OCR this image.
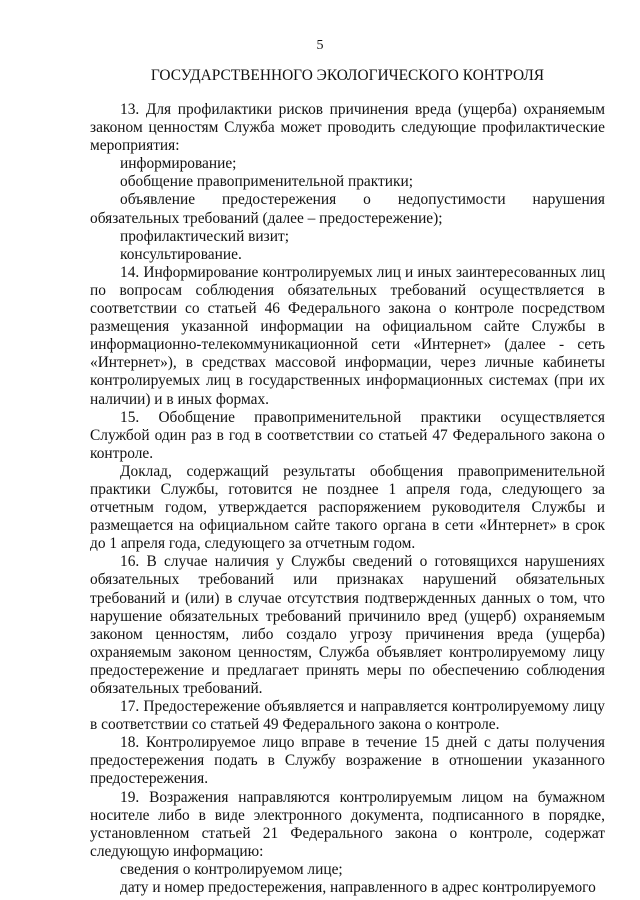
5
ГОСУДАРСТВЕННОГО ЭКОЛОГИЧЕСКОГО КОНТРОЛЯ

13. Для профилактики рисков причинения вреда (ущерба) охраняемым законом ценностям Служба может проводить следующие профилактические мероприятия:

информирование;

обобщение правоприменительной практики;

объявление предостережения о недопустимости нарушения обязательных требований (далее – предостережение);

профилактический визит;

консультирование.

14. Информирование контролируемых лиц и иных заинтересованных лиц по вопросам соблюдения обязательных требований осуществляется в соответствии со статьей 46 Федерального закона о контроле посредством размещения указанной информации на официальном сайте Службы в информационно-телекоммуникационной сети «Интернет» (далее - сеть «Интернет»), в средствах массовой информации, через личные кабинеты контролируемых лиц в государственных информационных системах (при их наличии) и в иных формах.

15. Обобщение правоприменительной практики осуществляется Службой один раз в год в соответствии со статьей 47 Федерального закона о контроле.

Доклад, содержащий результаты обобщения правоприменительной практики Службы, готовится не позднее 1 апреля года, следующего за отчетным годом, утверждается распоряжением руководителя Службы и размещается на официальном сайте такого органа в сети «Интернет» в срок до 1 апреля года, следующего за отчетным годом.

16. В случае наличия у Службы сведений о готовящихся нарушениях обязательных требований или признаках нарушений обязательных требований и (или) в случае отсутствия подтвержденных данных о том, что нарушение обязательных требований причинило вред (ущерб) охраняемым законом ценностям, либо создало угрозу причинения вреда (ущерба) охраняемым законом ценностям, Служба объявляет контролируемому лицу предостережение и предлагает принять меры по обеспечению соблюдения обязательных требований.

17. Предостережение объявляется и направляется контролируемому лицу в соответствии со статьей 49 Федерального закона о контроле.

18. Контролируемое лицо вправе в течение 15 дней с даты получения предостережения подать в Службу возражение в отношении указанного предостережения.

19. Возражения направляются контролируемым лицом на бумажном носителе либо в виде электронного документа, подписанного в порядке, установленном статьей 21 Федерального закона о контроле, содержат следующую информацию:

сведения о контролируемом лице;

дату и номер предостережения, направленного в адрес контролируемого
